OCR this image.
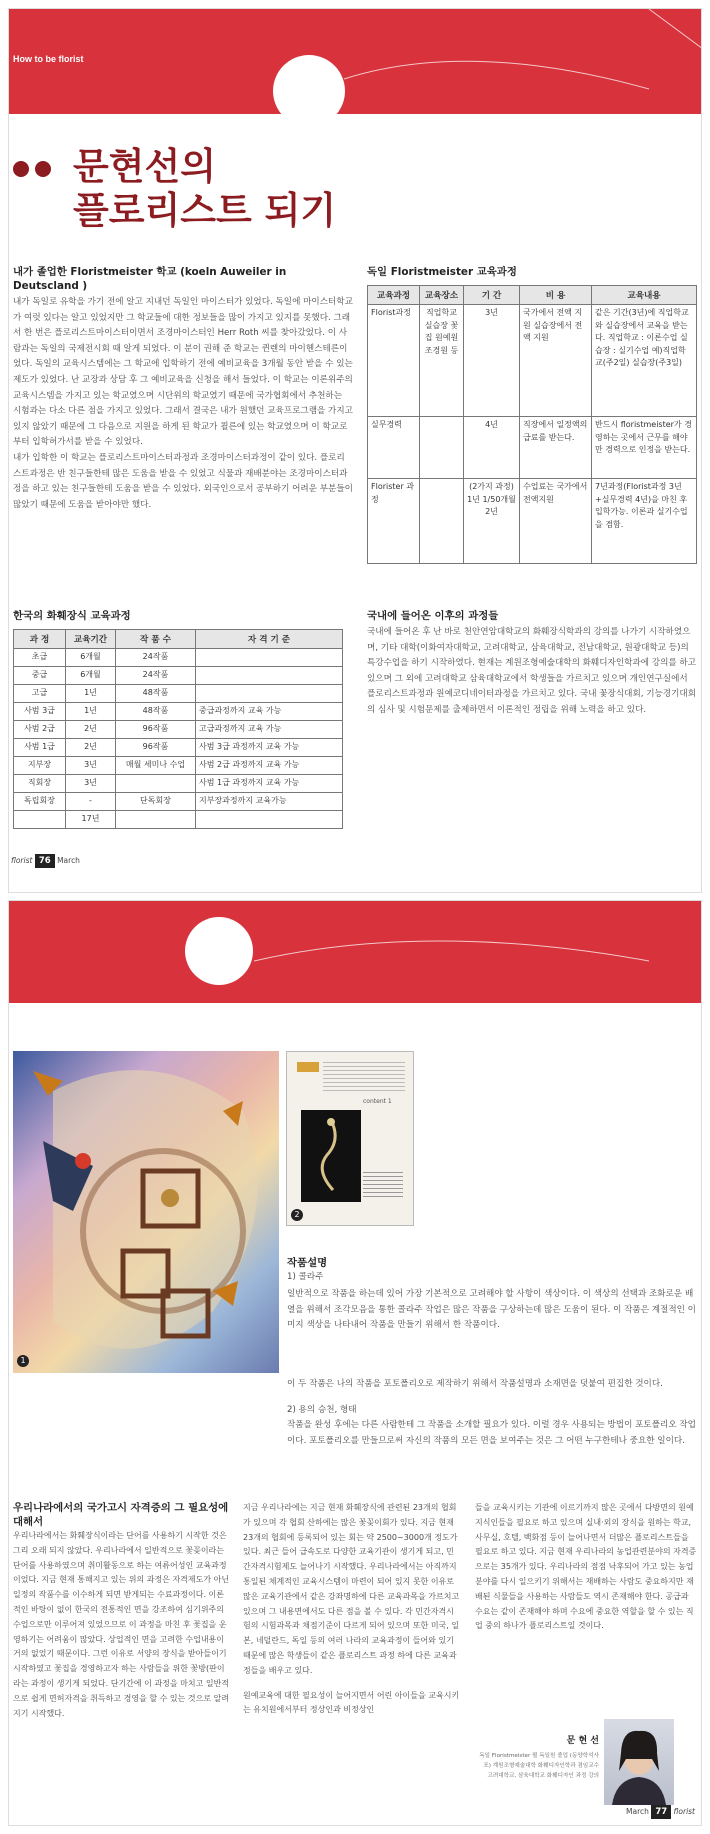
How to be florist
문현선의
플로리스트 되기
내가 졸업한 Floristmeister 학교 (koeln Auweiler in Deutscland )

내가 독일로 유학을 가기 전에 알고 지내던 독일인 마이스터가 있었다. 독일에 마이스터학교가 여럿 있다는 알고 있었지만 그 학교들에 대한 정보들을 많이 가지고 있지를 못했다. 그래서 한 번은 플로리스트마이스터이면서 조경마이스터인 Herr Roth 씨를 찾아갔었다. 이 사람과는 독일의 국제전시회 때 알게 되었다. 이 분이 권해 준 학교는 퀸렌의 마이헨스테른이었다. 독일의 교육시스템에는 그 학교에 입학하기 전에 예비교육을 3개월 동안 받을 수 있는 제도가 있었다. 난 교장과 상담 후 그 예비교육을 신청을 해서 들었다. 이 학교는 이론위주의 교육시스템을 가지고 있는 학교였으며 시단위의 학교였기 때문에 국가협회에서 추천하는 시험과는 다소 다른 점을 가지고 있었다. 그래서 결국은 내가 원했던 교육프로그램을 가지고 있지 않았기 때문에 그 다음으로 지원을 하게 된 학교가 쾰른에 있는 학교였으며 이 학교로부터 입학허가서를 받을 수 있었다.

내가 입학한 이 학교는 플로리스트마이스터과정과 조경마이스터과정이 같이 있다. 플로리스트과정은 반 친구들한테 많은 도움을 받을 수 있었고 식물과 재배분야는 조경마이스터과정을 하고 있는 친구들한테 도움을 받을 수 있었다. 외국인으로서 공부하기 어려운 부분들이 많았기 때문에 도움을 받아야만 했다.

독일 Floristmeister 교육과정
교육과정	교육장소	기 간	비 용	교육내용
Florist과정	직업학교 실습장 꽃집 원예원 조경원 등	3년	국가에서 전액 지원 실습장에서 전액 지원	같은 기간(3년)에 직업학교와 실습장에서 교육을 받는다. 직업학교 : 이론수업 실습장 : 실기수업 예)직업학교(주2일) 실습장(주3일)
실무경력		4년	직장에서 일정액의 급료를 받는다.	반드시 floristmeister가 경영하는 곳에서 근무를 해야만 경력으로 인정을 받는다.
Florister 과정		(2가지 과정) 1년 1/50개월 2년	수업료는 국가에서 전액지원	7년과정(Florist과정 3년+실무경력 4년)을 마친 후 입학가능. 이론과 실기수업을 겸함.
한국의 화훼장식 교육과정
과 정	교육기간	작 품 수	자 격 기 준
초급	6개월	24작품	
중급	6개월	24작품	
고급	1년	48작품	
사범 3급	1년	48작품	중급과정까지 교육 가능
사범 2급	2년	96작품	고급과정까지 교육 가능
사범 1급	2년	96작품	사범 3급 과정까지 교육 가능
지부장	3년	매월 세미나 수업	사범 2급 과정까지 교육 가능
직회장	3년		사범 1급 과정까지 교육 가능
독립회장	-	단독회장	지부장과정까지 교육가능
	17년		
국내에 들어온 이후의 과정들

국내에 들어온 후 난 바로 천안연암대학교의 화훼장식학과의 강의를 나가기 시작하였으며, 기타 대학(이화여자대학교, 고려대학교, 삼육대학교, 전남대학교, 원광대학교 등)의 특강수업을 하기 시작하였다. 현재는 계원조형예술대학의 화훼디자인학과에 강의를 하고 있으며 그 외에 고려대학교 삼육대학교에서 학생들을 가르치고 있으며 개인연구실에서 플로리스트과정과 원예코디네이터과정을 가르치고 있다. 국내 꽃장식대회, 기능경기대회의 심사 및 시험문제를 출제하면서 이론적인 정립을 위해 노력을 하고 있다.

florist 76 March
1
content 1
2
작품설명
1) 콜라주

일반적으로 작품을 하는데 있어 가장 기본적으로 고려해야 할 사항이 색상이다. 이 색상의 선택과 조화로운 배열을 위해서 조각모음을 통한 콜라주 작업은 많은 작품을 구상하는데 많은 도움이 된다. 이 작품은 계절적인 이미지 색상을 나타내어 작품을 만들기 위해서 한 작품이다.

이 두 작품은 나의 작품을 포토폴리오로 제작하기 위해서 작품설명과 소재면을 덧붙여 편집한 것이다.

2) 용의 승천, 형태

작품을 완성 후에는 다른 사람한테 그 작품을 소개할 필요가 있다. 이럴 경우 사용되는 방법이 포토폴리오 작업이다. 포토폴리오를 만들므로써 자신의 작품의 모든 면을 보여주는 것은 그 어떤 누구한테나 중요한 일이다.

우리나라에서의 국가고시 자격증의 그 필요성에 대해서

우리나라에서는 화훼장식이라는 단어를 사용하기 시작한 것은 그리 오래 되지 않았다. 우리나라에서 일반적으로 꽃꽂이라는 단어를 사용하였으며 취미활동으로 하는 여류어성인 교육과정이었다. 지금 현재 통해지고 있는 위의 과정은 자격제도가 아닌 일정의 작품수를 이수하게 되면 받게되는 수료과정이다. 이론적인 바탕이 없이 한국의 전통적인 면을 강조하여 심기위주의 수업으로만 이루어져 있었으므로 이 과정을 마친 후 꽃집을 운영하기는 어려움이 많았다. 상업적인 면을 고려한 수업내용이 거의 없었기 때문이다. 그런 이유로 서양의 장식을 받아들이기 시작하였고 꽃집을 경영하고자 하는 사람들을 위한 꽃방(판이라는 과정이 생기게 되었다. 단기간에 이 과정을 마치고 일반적으로 쉽게 면허자격을 취득하고 경영을 할 수 있는 것으로 알려지기 시작했다.

지금 우리나라에는 지금 현재 화훼장식에 관련된 23개의 협회가 있으며 각 협회 산하에는 많은 꽃꽂이회가 있다. 지금 현재 23개의 협회에 등록되어 있는 회는 약 2500~3000개 정도가 있다. 최근 들어 급속도로 다양한 교육기관이 생기게 되고, 민간자격시험제도 늘어나기 시작했다. 우리나라에서는 아직까지 통일된 체계적인 교육시스템이 마련이 되어 있지 못한 이유로 많은 교육기관에서 같은 강좌명하에 다른 교육과목을 가르치고 있으며 그 내용면에서도 다른 점을 볼 수 있다. 각 민간자격시험의 시험과목과 채점기준이 다르게 되어 있으며 또한 미국, 일본, 네덜란드, 독일 등의 여러 나라의 교육과정이 들어와 있기 때문에 많은 학생들이 같은 플로리스트 과정 하에 다른 교육과정들을 배우고 있다.

원예교육에 대한 필요성이 늘어지면서 어린 아이들을 교육시키는 유치원에서부터 정상인과 비정상인

들을 교육시키는 기관에 이르기까지 많은 곳에서 다방면의 원예지식인들을 필요로 하고 있으며 실내·외의 장식을 원하는 학교, 사무실, 호텔, 백화점 등이 늘어나면서 더많은 플로리스트들을 필요로 하고 있다. 지금 현재 우리나라의 농업관련분야의 자격증으로는 35개가 있다. 우리나라의 점점 낙후되어 가고 있는 농업분야를 다시 일으키기 위해서는 재배하는 사람도 중요하지만 재배된 식물들을 사용하는 사람들도 역시 존재해야 한다. 공급과 수요는 같이 존재해야 하며 수요에 중요한 역할을 할 수 있는 직업 중의 하나가 플로리스트일 것이다.

문 현 선
독일 Floristmeister 쾰 독일원 졸업 (동양학석사포) 계원조형예술대학 화훼디자인학과 겸임교수 고려대학교, 삼육대학교 화훼디자인 과정 강의
March 77 florist
